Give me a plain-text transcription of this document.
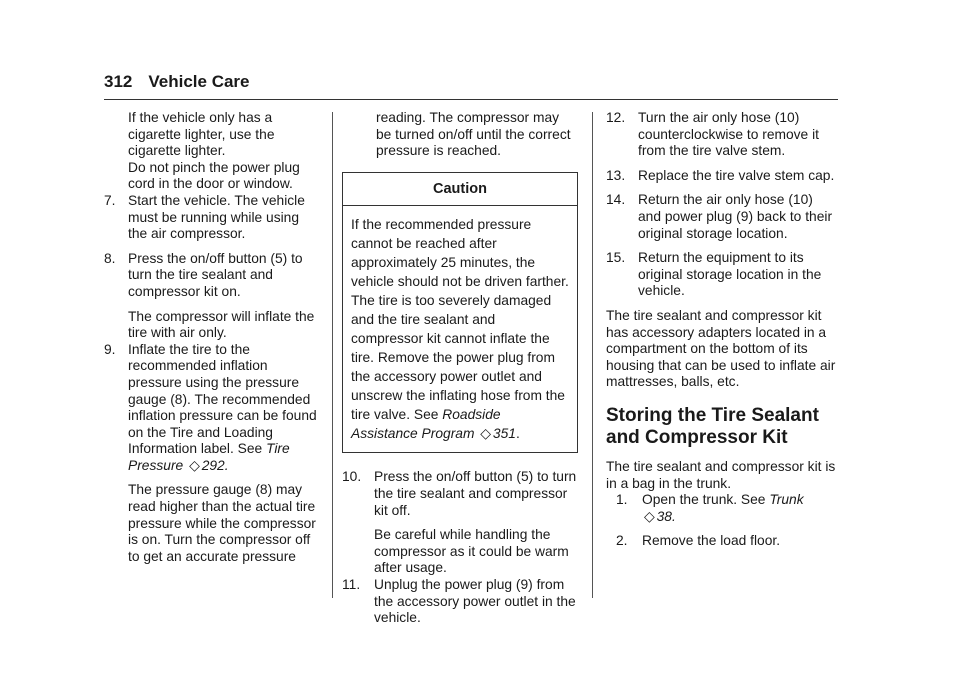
312 Vehicle Care

If the vehicle only has a cigarette lighter, use the cigarette lighter.

Do not pinch the power plug cord in the door or window.

7. Start the vehicle. The vehicle must be running while using the air compressor.
8. Press the on/off button (5) to turn the tire sealant and compressor kit on.

The compressor will inflate the tire with air only.

9. Inflate the tire to the recommended inflation pressure using the pressure gauge (8). The recommended inflation pressure can be found on the Tire and Loading Information label. See Tire Pressure ◇ 292.

The pressure gauge (8) may read higher than the actual tire pressure while the compressor is on. Turn the compressor off to get an accurate pressure

reading. The compressor may be turned on/off until the correct pressure is reached.

Caution
If the recommended pressure cannot be reached after approximately 25 minutes, the vehicle should not be driven farther. The tire is too severely damaged and the tire sealant and compressor kit cannot inflate the tire. Remove the power plug from the accessory power outlet and unscrew the inflating hose from the tire valve. See Roadside Assistance Program ◇ 351.
10. Press the on/off button (5) to turn the tire sealant and compressor kit off.

Be careful while handling the compressor as it could be warm after usage.

11. Unplug the power plug (9) from the accessory power outlet in the vehicle.
12. Turn the air only hose (10) counterclockwise to remove it from the tire valve stem.
13. Replace the tire valve stem cap.
14. Return the air only hose (10) and power plug (9) back to their original storage location.
15. Return the equipment to its original storage location in the vehicle.

The tire sealant and compressor kit has accessory adapters located in a compartment on the bottom of its housing that can be used to inflate air mattresses, balls, etc.

Storing the Tire Sealant and Compressor Kit

The tire sealant and compressor kit is in a bag in the trunk.

1. Open the trunk. See Trunk ◇ 38.
2. Remove the load floor.
